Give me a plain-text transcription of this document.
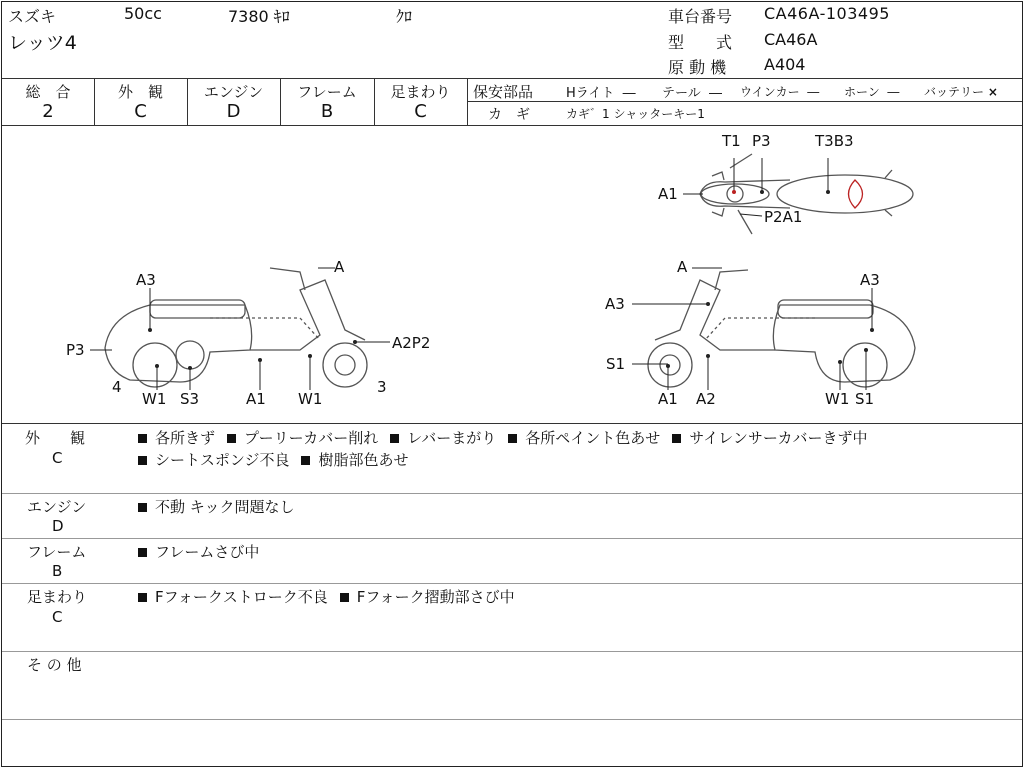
スズキ
レッツ4
50cc	7380 ｷﾛ	ｸﾛ	車台番号 CA46A-103495
型　　式 CA46A
原 動 機 A404
総　合
2
外　観
C
エンジン
D
フレーム
B
足まわり
C
保安部品	Hライト ― テール ― ウインカー ― ホーン ― バッテリー ×
カ　ギ	カギ゛1 シャッターキー1
T1 P3	T3B3
A1
P2A1
A
A3
P3	A2P2
4
W1 S3	A1 W1
3
A
A3
A3
S1
A1 A2	W1 S1
外　　観
C
各所きず プーリーカバー削れ レバーまがり 各所ペイント色あせ サイレンサーカバーきず中
シートスポンジ不良 樹脂部色あせ
エンジン
D
不動 キック問題なし
フレーム
B
フレームさび中
足まわり
C
Fフォークストローク不良 Fフォーク摺動部さび中
そ の 他
